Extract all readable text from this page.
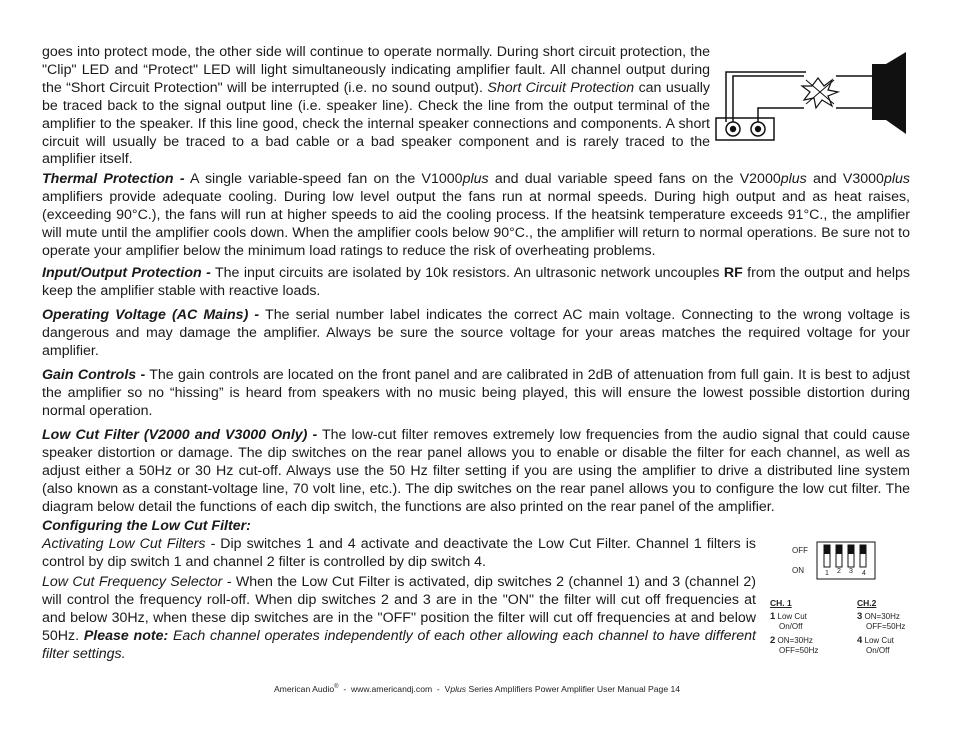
goes into protect mode, the other side will continue to operate normally. During short circuit protection, the "Clip" LED and “Protect" LED will light simultaneously indicating amplifier fault. All channel output during the “Short Circuit Protection" will be interrupted (i.e. no sound output). Short Circuit Protection can usually be traced back to the signal output line (i.e. speaker line). Check the line from the output terminal of the amplifier to the speaker. If this line good, check the internal speaker connections and components. A short circuit will usually be traced to a bad cable or a bad speaker component and is rarely traced to the amplifier itself.

Thermal Protection - A single variable-speed fan on the V1000plus and dual variable speed fans on the V2000plus and V3000plus amplifiers provide adequate cooling. During low level output the fans run at normal speeds. During high output and as heat raises, (exceeding 90°C.), the fans will run at higher speeds to aid the cooling process. If the heatsink temperature exceeds 91°C., the amplifier will mute until the amplifier cools down. When the amplifier cools below 90°C., the amplifier will return to normal operations. Be sure not to operate your amplifier below the minimum load ratings to reduce the risk of overheating problems.

Input/Output Protection - The input circuits are isolated by 10k resistors. An ultrasonic network uncouples RF from the output and helps keep the amplifier stable with reactive loads.

Operating Voltage (AC Mains) - The serial number label indicates the correct AC main voltage. Connecting to the wrong voltage is dangerous and may damage the amplifier. Always be sure the source voltage for your areas matches the required voltage for your amplifier.

Gain Controls - The gain controls are located on the front panel and are calibrated in 2dB of attenuation from full gain. It is best to adjust the amplifier so no “hissing” is heard from speakers with no music being played, this will ensure the lowest possible distortion during normal operation.

Low Cut Filter (V2000 and V3000 Only) - The low-cut filter removes extremely low frequencies from the audio signal that could cause speaker distortion or damage. The dip switches on the rear panel allows you to enable or disable the filter for each channel, as well as adjust either a 50Hz or 30 Hz cut-off. Always use the 50 Hz filter setting if you are using the amplifier to drive a distributed line system (also known as a constant-voltage line, 70 volt line, etc.). The dip switches on the rear panel allows you to configure the low cut filter. The diagram below detail the functions of each dip switch, the functions are also printed on the rear panel of the amplifier.

Configuring the Low Cut Filter:

Activating Low Cut Filters - Dip switches 1 and 4 activate and deactivate the Low Cut Filter. Channel 1 filters is control by dip switch 1 and channel 2 filter is controlled by dip switch 4.

Low Cut Frequency Selector - When the Low Cut Filter is activated, dip switches 2 (channel 1) and 3 (channel 2) will control the frequency roll-off. When dip switches 2 and 3 are in the "ON" the filter will cut off frequencies at and below 30Hz, when these dip switches are in the "OFF" position the filter will cut off frequencies at and below 50Hz. Please note: Each channel operates independently of each other allowing each channel to have different filter settings.

OFF
ON	1 2 3 4
CH. 1
1 Low Cut
On/Off
2 ON=30Hz
OFF=50Hz
CH.2
3 ON=30Hz
OFF=50Hz
4 Low Cut
On/Off
American Audio®  -  www.americandj.com  -  Vplus Series Amplifiers Power Amplifier User Manual Page 14
